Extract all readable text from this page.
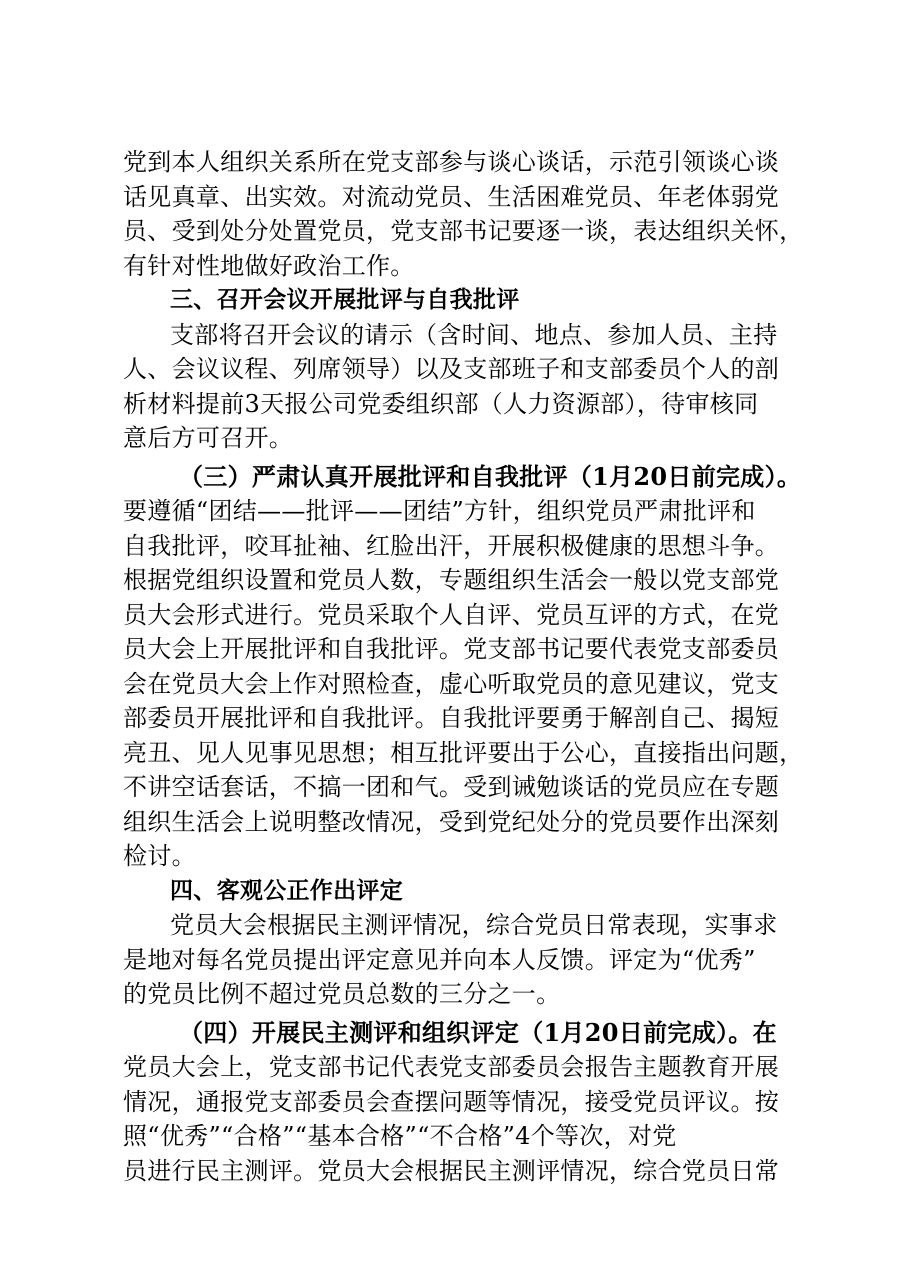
党到本人组织关系所在党支部参与谈心谈话，示范引领谈心谈
话见真章、出实效。对流动党员、生活困难党员、年老体弱党
员、受到处分处置党员，党支部书记要逐一谈，表达组织关怀，
有针对性地做好政治工作。
三、召开会议开展批评与自我批评
支部将召开会议的请示（含时间、地点、参加人员、主持
人、会议议程、列席领导）以及支部班子和支部委员个人的剖
析材料提前3天报公司党委组织部（人力资源部），待审核同
意后方可召开。
（三）严肃认真开展批评和自我批评（1月20日前完成）。
要遵循“团结——批评——团结”方针，组织党员严肃批评和
自我批评，咬耳扯袖、红脸出汗，开展积极健康的思想斗争。
根据党组织设置和党员人数，专题组织生活会一般以党支部党
员大会形式进行。党员采取个人自评、党员互评的方式，在党
员大会上开展批评和自我批评。党支部书记要代表党支部委员
会在党员大会上作对照检查，虚心听取党员的意见建议，党支
部委员开展批评和自我批评。自我批评要勇于解剖自己、揭短
亮丑、见人见事见思想；相互批评要出于公心，直接指出问题，
不讲空话套话，不搞一团和气。受到诫勉谈话的党员应在专题
组织生活会上说明整改情况，受到党纪处分的党员要作出深刻
检讨。
四、客观公正作出评定
党员大会根据民主测评情况，综合党员日常表现，实事求
是地对每名党员提出评定意见并向本人反馈。评定为“优秀”
的党员比例不超过党员总数的三分之一。
（四）开展民主测评和组织评定（1月20日前完成）。在
党员大会上，党支部书记代表党支部委员会报告主题教育开展
情况，通报党支部委员会查摆问题等情况，接受党员评议。按
照“优秀”“合格”“基本合格”“不合格”4个等次，对党
员进行民主测评。党员大会根据民主测评情况，综合党员日常
